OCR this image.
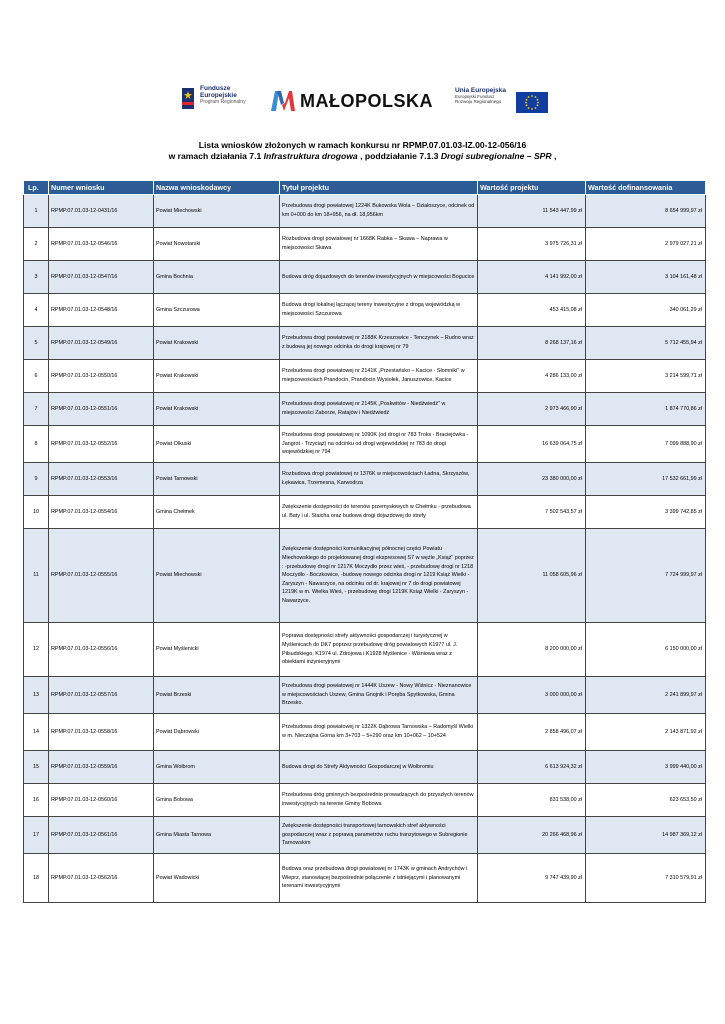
Fundusze
Europejskie
Program Regionalny	MAŁOPOLSKA
Unia Europejska
Europejski Fundusz
Rozwoju Regionalnego
Lista wniosków złożonych w ramach konkursu nr RPMP.07.01.03-IZ.00-12-056/16
w ramach działania 7.1 Infrastruktura drogowa , poddziałanie 7.1.3 Drogi subregionalne – SPR ,
Lp.	Numer wniosku	Nazwa wnioskodawcy	Tytuł projektu	Wartość projektu	Wartość dofinansowania
1	RPMP.07.01.03-12-0431/16	Powiat Miechowski	Przebudowa drogi powiatowej 1224K Bukowska Wola – Działoszyce, odcinek od km 0+000 do km 18+956, na dł. 18,956km	11 543 447,99 zł	8 654 999,97 zł
2	RPMP.07.01.03-12-0546/16	Powiat Nowotarski	Rozbudowa drogi powiatowej nr 1668K Rabka – Skawa – Naprawa w miejscowości Skawa	3 975 726,31 zł	2 979 027,21 zł
3	RPMP.07.01.03-12-0547/16	Gmina Bochnia	Budowa dróg dojazdowych do terenów inwestycyjnych w miejscowości Bogucice	4 141 992,00 zł	3 104 161,48 zł
4	RPMP.07.01.03-12-0548/16	Gmina Szczurowa	Budowa drogi lokalnej łączącej tereny inwestycyjne z drogą wojewódzką w miejscowości Szczurowa	453 415,08 zł	340 061,29 zł
5	RPMP.07.01.03-12-0549/16	Powiat Krakowski	Przebudowa drogi powiatowej nr 2188K Krzeszowice - Tenczynek – Rudno wraz z budową jej nowego odcinka do drogi krajowej nr 79	8 268 137,16 zł	5 712 455,94 zł
6	RPMP.07.01.03-12-0550/16	Powiat Krakowski	Przebudowa drogi powiatowej nr 2141K „Przestańsko – Kacice - Słomniki" w miejscowościach Prandocin, Prandocin Wysiołek, Januszowice, Kacice	4 286 133,00 zł	3 214 599,71 zł
7	RPMP.07.01.03-12-0551/16	Powiat Krakowski	Przebudowa drogi powiatowej nr 2145K „Poskwitów - Niedźwiedź" w miejscowości Zaborze, Ratajów i Niedźwiedź	2 973 466,90 zł	1 874 770,86 zł
8	RPMP.07.01.03-12-0552/16	Powiat Olkuski	Przebudowa drogi powiatowej nr 1090K (od drogi nr 783 Troks - Braciejówka - Jangrot - Trzyciąż) na odcinku od drogi wojewódzkiej nr 783 do drogi wojewódzkiej nr 794	16 639 064,75 zł	7 099 888,90 zł
9	RPMP.07.01.03-12-0553/16	Powiat Tarnowski	Rozbudowa drogi powiatowej nr 1376K w miejscowościach Ładna, Skrzyszów, Łękawica, Trzemesna, Karwodrza	23 380 000,00 zł	17 532 661,99 zł
10	RPMP.07.01.03-12-0554/16	Gmina Chełmek	Zwiększenie dostępności do terenów przemysłowych w Chełmku - przebudowa ul. Baty i ul. Staicha oraz budowa drogi dojazdowej do strefy	7 502 543,57 zł	3 399 742,85 zł
11	RPMP.07.01.03-12-0555/16	Powiat Miechowski	Zwiększenie dostępności komunikacyjnej północnej części Powiatu Miechowskiego do projektowanej drogi ekspresowej S7 w węźle „Książ" poprzez : -przebudowę drogi nr 1217K Moczydło przez wieś, - przebudowę drogi nr 1218 Moczydło - Boczkowice, -budowę nowego odcinka drogi nr 1219 Książ Wielki - Zaryszyn - Nawarzyce, na odcinku od dr. krajowej nr 7 do drogi powiatowej 1219K w m. Wielka Wieś, - przebudowę drogi 1219K Książ Wielki - Zaryszyn - Nawarzyce.	11 058 605,96 zł	7 724 999,97 zł
12	RPMP.07.01.03-12-0556/16	Powiat Myślenicki	Poprawa dostępności strefy aktywności gospodarczej i turystycznej w Myślenicach do DK7 poprzez przebudowę dróg powiatowych K1977 ul. J. Piłsudskiego, K1974 ul. Zdrojowa i K1928 Myślenice - Wiśniowa wraz z obiektami inżynieryjnymi	8 200 000,00 zł	6 150 000,00 zł
13	RPMP.07.01.03-12-0557/16	Powiat Brzeski	Przebudowa drogi powiatowej nr 1444K Uszew - Nowy Wiśnicz - Nieznanowice w miejscowościach Uszew, Gmina Gnojnik i Poręba Spytkowska, Gmina Brzesko.	3 000 000,00 zł	2 241 899,97 zł
14	RPMP.07.01.03-12-0558/16	Powiat Dąbrowski	Przebudowa drogi powiatowej nr 1322K Dąbrowa Tarnowska – Radomyśl Wielki w m. Nieczajna Górna km 3+703 – 5+290 oraz km 10+062 – 10+524	2 858 496,07 zł	2 143 871,92 zł
15	RPMP.07.01.03-12-0559/16	Gmina Wolbrom	Budowa drogi do Strefy Aktywności Gospodarczej w Wolbromiu	6 613 924,32 zł	3 999 440,00 zł
16	RPMP.07.01.03-12-0560/16	Gmina Bobowa	Przebudowa dróg gminnych bezpośrednio prowadzących do przyszłych terenów inwestycyjnych na terenie Gminy Bobowa	831 538,00 zł	623 653,50 zł
17	RPMP.07.01.03-12-0561/16	Gmina Miasta Tarnowa	Zwiększenie dostępności transportowej tarnowskich stref aktywności gospodarczej wraz z poprawą parametrów ruchu tranzytowego w Subregionie Tarnowskim	20 266 468,96 zł	14 987 369,12 zł
18	RPMP.07.01.03-12-0562/16	Powiat Wadowicki	Budowa oraz przebudowa drogi powiatowej nr 1743K w gminach Andrychów i Wieprz, stanowiącej bezpośrednie połączenie z istniejącymi i planowanymi terenami inwestycyjnymi	9 747 439,90 zł	7 310 579,91 zł
